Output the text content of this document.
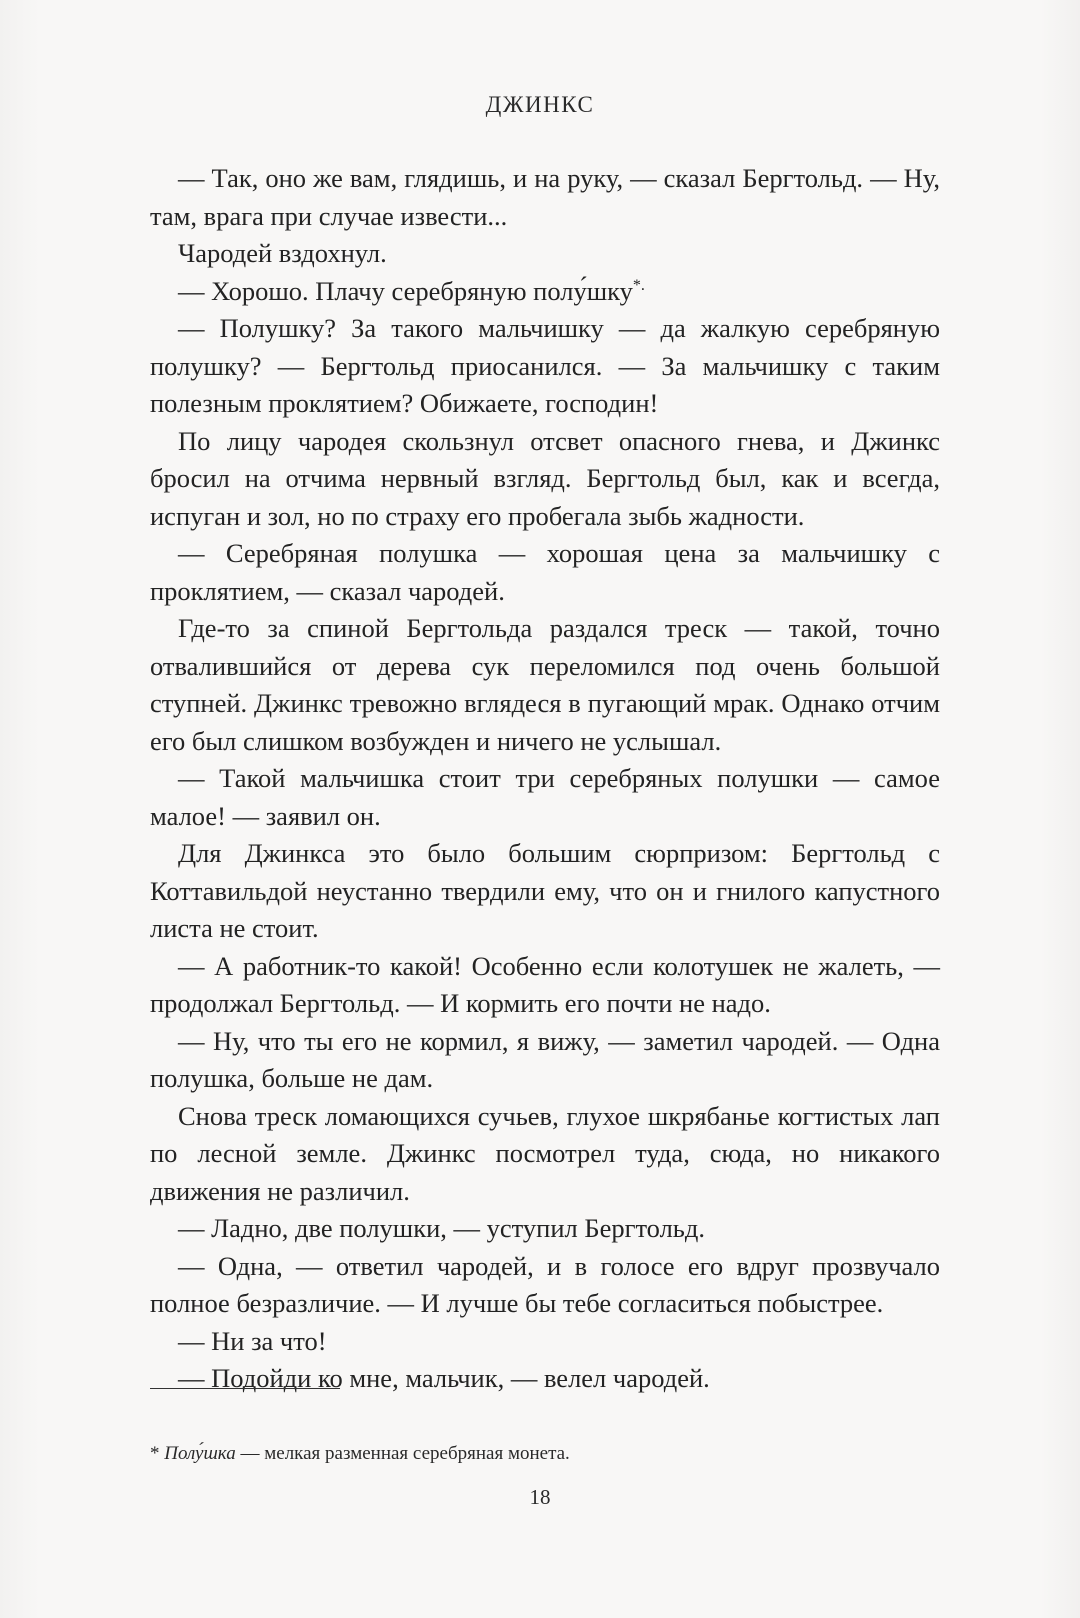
ДЖИНКС

— Так, оно же вам, глядишь, и на руку, — сказал Бергтольд. — Ну, там, врага при случае извести...

Чародей вздохнул.

— Хорошо. Плачу серебряную полу́шку*.

— Полушку? За такого мальчишку — да жалкую серебряную полушку? — Бергтольд приосанился. — За мальчишку с таким полезным проклятием? Обижаете, господин!

По лицу чародея скользнул отсвет опасного гнева, и Джинкс бросил на отчима нервный взгляд. Бергтольд был, как и всегда, испуган и зол, но по страху его пробегала зыбь жадности.

— Серебряная полушка — хорошая цена за мальчишку с проклятием, — сказал чародей.

Где-то за спиной Бергтольда раздался треск — такой, точно отвалившийся от дерева сук переломился под очень большой ступней. Джинкс тревожно вглядеся в пугающий мрак. Однако отчим его был слишком возбужден и ничего не услышал.

— Такой мальчишка стоит три серебряных полушки — самое малое! — заявил он.

Для Джинкса это было большим сюрпризом: Бергтольд с Коттавильдой неустанно твердили ему, что он и гнилого капустного листа не стоит.

— А работник-то какой! Особенно если колотушек не жалеть, — продолжал Бергтольд. — И кормить его почти не надо.

— Ну, что ты его не кормил, я вижу, — заметил чародей. — Одна полушка, больше не дам.

Снова треск ломающихся сучьев, глухое шкрябанье когтистых лап по лесной земле. Джинкс посмотрел туда, сюда, но никакого движения не различил.

— Ладно, две полушки, — уступил Бергтольд.

— Одна, — ответил чародей, и в голосе его вдруг прозвучало полное безразличие. — И лучше бы тебе согласиться побыстрее.

— Ни за что!

— Подойди ко мне, мальчик, — велел чародей.

* Полу́шка — мелкая разменная серебряная монета.
18
